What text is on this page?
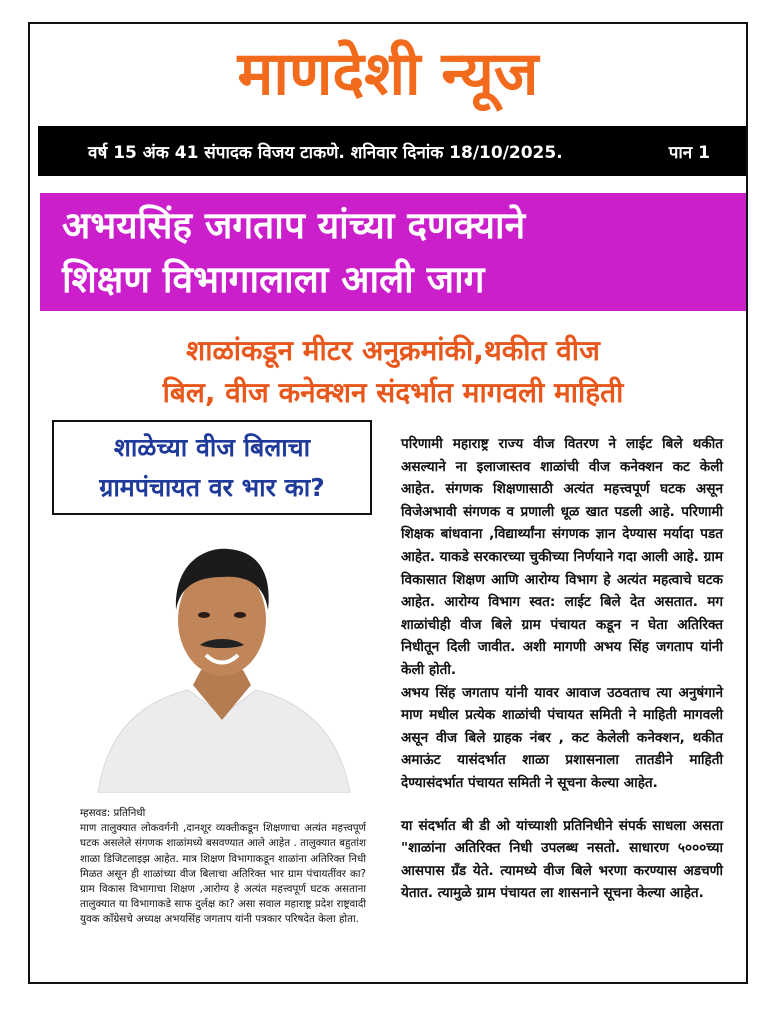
माणदेशी न्यूज
वर्ष 15 अंक 41 संपादक विजय टाकणे. शनिवार दिनांक 18/10/2025.	पान 1
अभयसिंह जगताप यांच्या दणक्याने
शिक्षण विभागालाला आली जाग
शाळांकडून मीटर अनुक्रमांकी,थकीत वीज
बिल, वीज कनेक्शन संदर्भात मागवली माहिती
शाळेच्या वीज बिलाचा
ग्रामपंचायत वर भार का?

म्हसवड: प्रतिनिधी

माण तालुक्यात लोकवर्गनी ,दानशूर व्यक्तीकडून शिक्षणाचा अत्यंत महत्त्वपूर्ण घटक असलेले संगणक शाळांमध्ये बसवण्यात आले आहेत . तालुक्यात बहुतांश शाळा डिजिटलाइझ आहेत. मात्र शिक्षण विभागाकडून शाळांना अतिरिक्त निधी मिळत असून ही शाळांच्या वीज बिलाचा अतिरिक्त भार ग्राम पंचायतींवर का? ग्राम विकास विभागाचा शिक्षण ,आरोग्य हे अत्यंत महत्त्वपूर्ण घटक असताना तालुक्यात या विभागाकडे साफ दुर्लक्ष का? असा सवाल महाराष्ट्र प्रदेश राष्ट्रवादी युवक कॉंग्रेसचे अध्यक्ष अभयसिंह जगताप यांनी पत्रकार परिषदेत केला होता.

परिणामी महाराष्ट्र राज्य वीज वितरण ने लाईट बिले थकीत असल्याने ना इलाजास्तव शाळांची वीज कनेक्शन कट केली आहेत. संगणक शिक्षणासाठी अत्यंत महत्त्वपूर्ण घटक असून विजेअभावी संगणक व प्रणाली धूळ खात पडली आहे. परिणामी शिक्षक बांधवाना ,विद्यार्थ्यांना संगणक ज्ञान देण्यास मर्यादा पडत आहेत. याकडे सरकारच्या चुकीच्या निर्णयाने गदा आली आहे. ग्राम विकासात शिक्षण आणि आरोग्य विभाग हे अत्यंत महत्वाचे घटक आहेत. आरोग्य विभाग स्वत: लाईट बिले देत असतात. मग शाळांचीही वीज बिले ग्राम पंचायत कडून न घेता अतिरिक्त निधीतून दिली जावीत. अशी मागणी अभय सिंह जगताप यांनी केली होती.

अभय सिंह जगताप यांनी यावर आवाज उठवताच त्या अनुषंगाने माण मधील प्रत्येक शाळांची पंचायत समिती ने माहिती मागवली असून वीज बिले ग्राहक नंबर , कट केलेली कनेक्शन, थकीत अमाऊंट यासंदर्भात शाळा प्रशासनाला तातडीने माहिती देण्यासंदर्भात पंचायत समिती ने सूचना केल्या आहेत.

या संदर्भात बी डी ओ यांच्याशी प्रतिनिधीने संपर्क साधला असता "शाळांना अतिरिक्त निधी उपलब्ध नसतो. साधारण ५०००च्या आसपास ग्रँड येते. त्यामध्ये वीज बिले भरणा करण्यास अडचणी येतात. त्यामुळे ग्राम पंचायत ला शासनाने सूचना केल्या आहेत.
